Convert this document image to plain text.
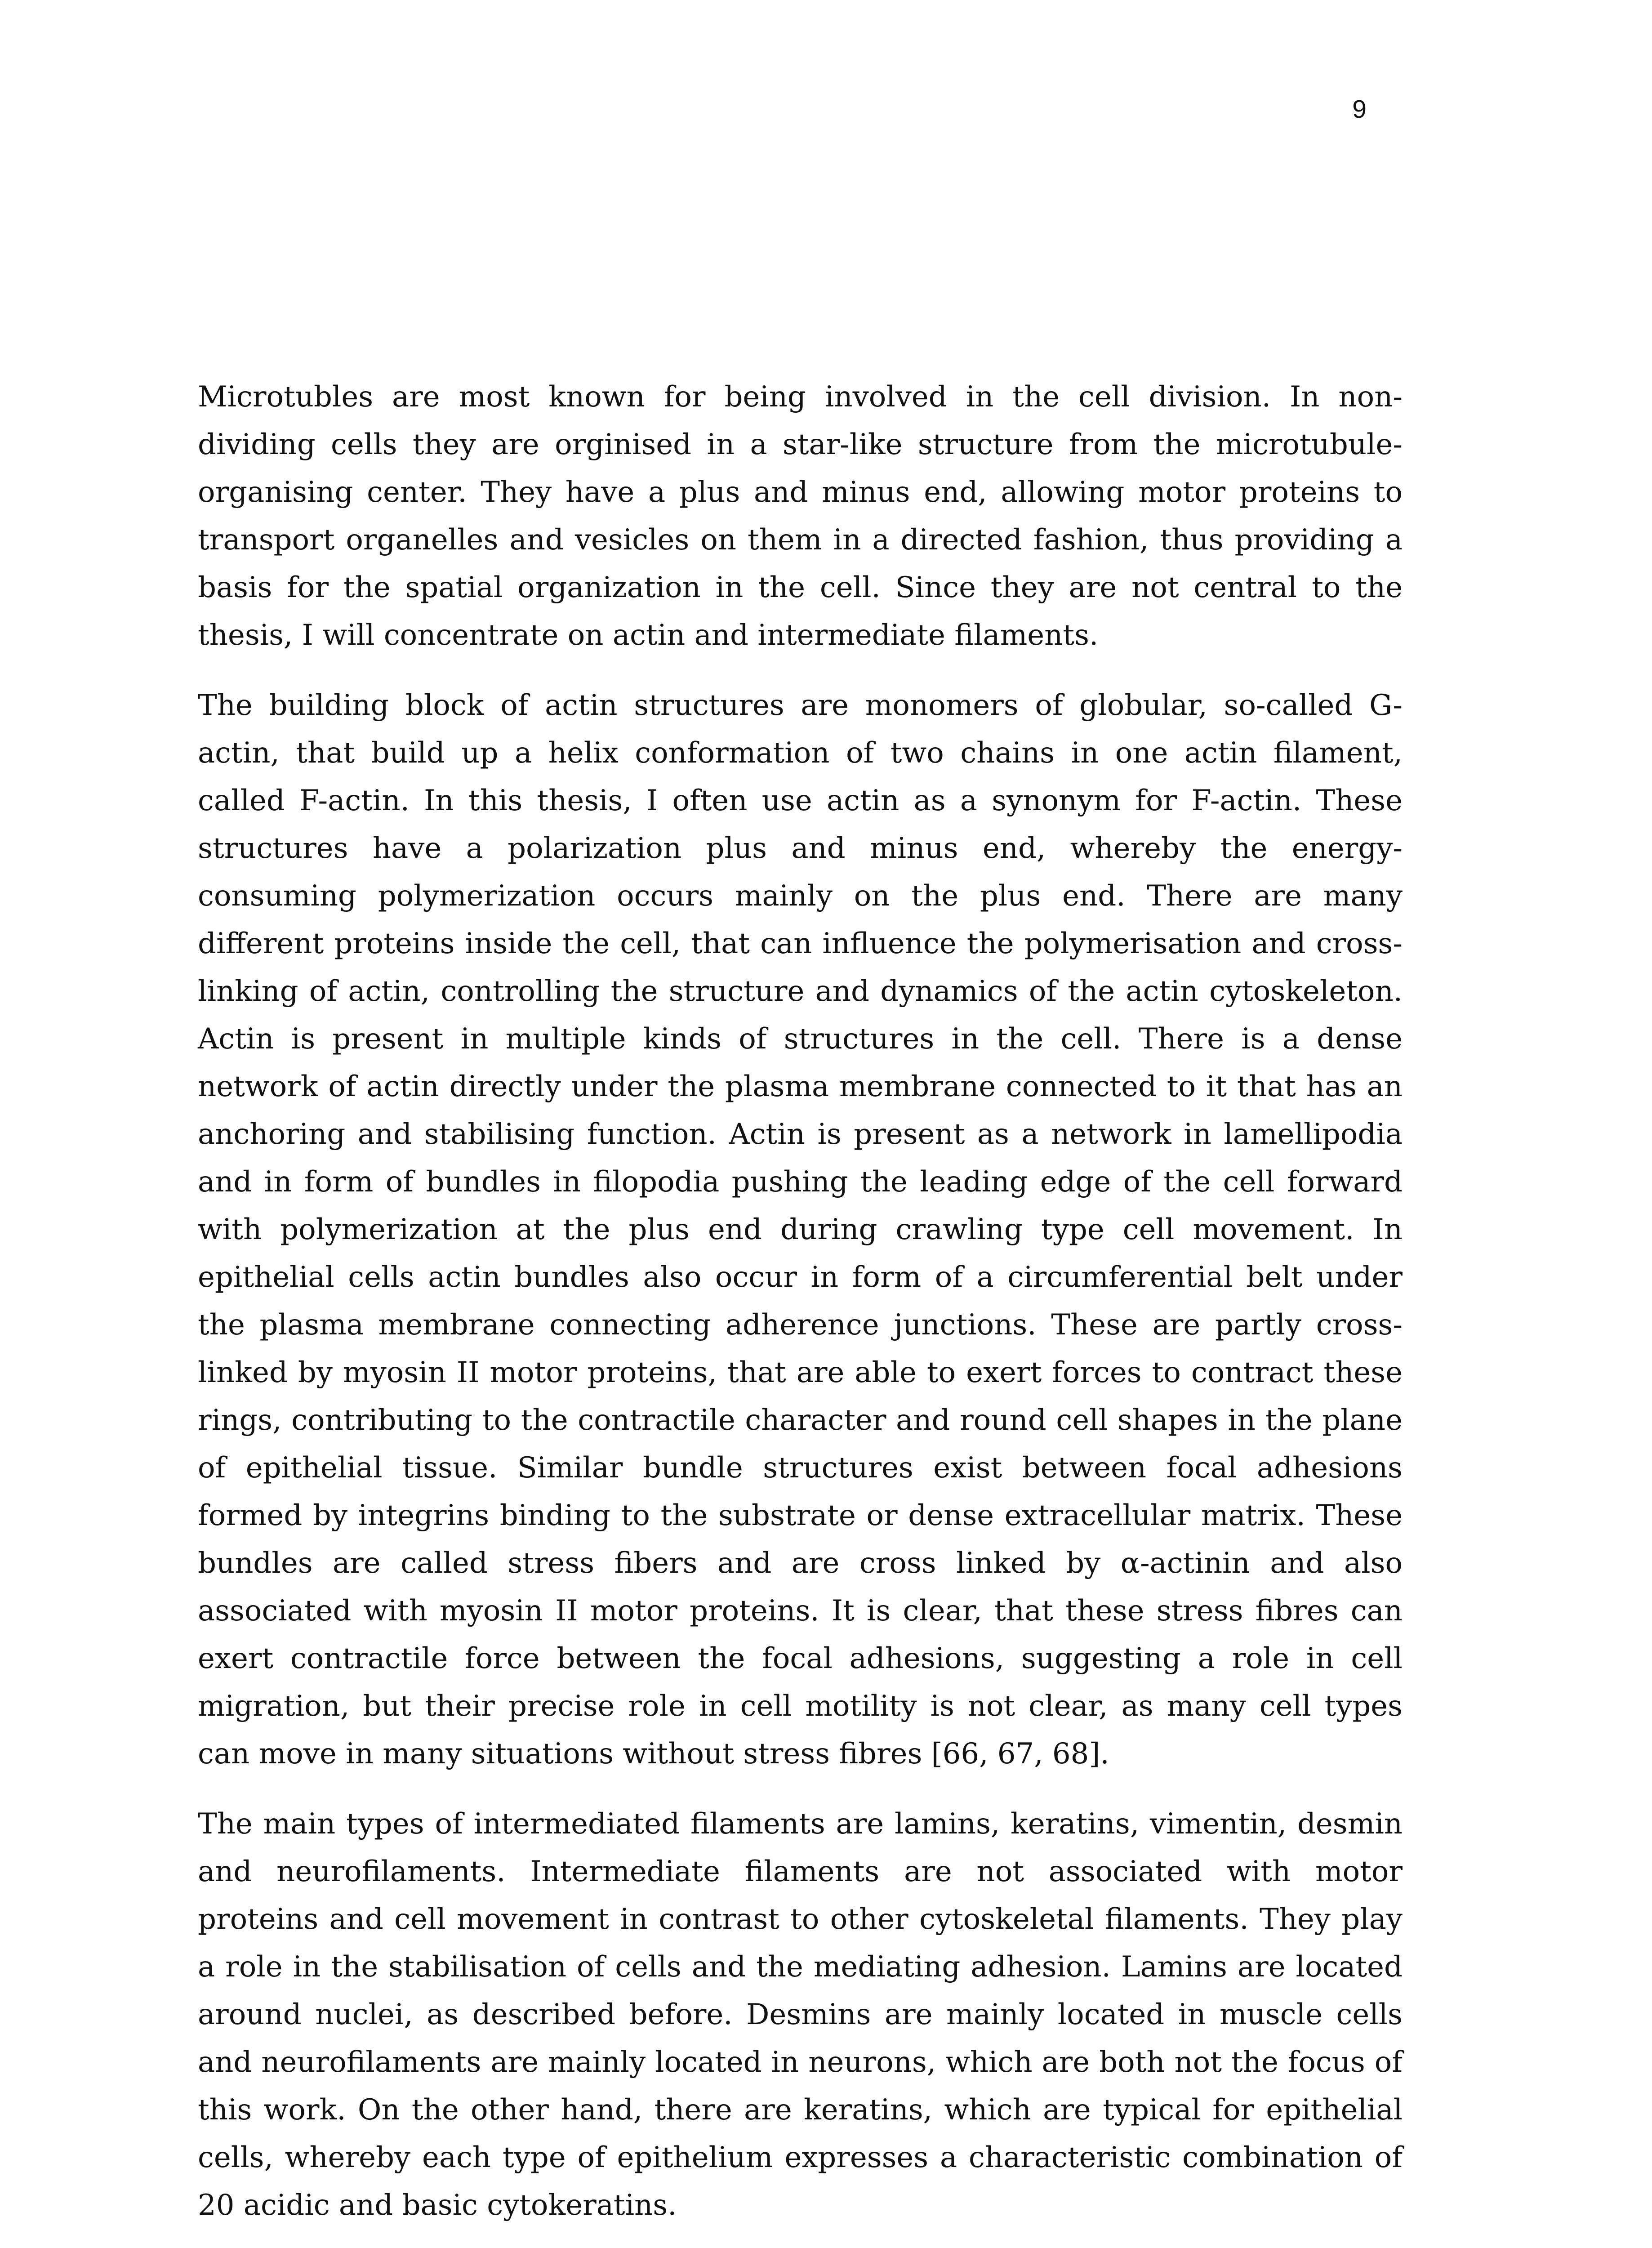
9

Microtubles are most known for being involved in the cell division. In non-dividing cells they are orginised in a star-like structure from the microtubule-organising center. They have a plus and minus end, allowing motor proteins to transport organelles and vesicles on them in a directed fashion, thus providing a basis for the spatial organization in the cell. Since they are not central to the thesis, I will concentrate on actin and intermediate filaments.

The building block of actin structures are monomers of globular, so-called G-actin, that build up a helix conformation of two chains in one actin filament, called F-actin. In this thesis, I often use actin as a synonym for F-actin. These structures have a polarization plus and minus end, whereby the energy-consuming polymerization occurs mainly on the plus end. There are many different proteins inside the cell, that can influence the polymerisation and cross-linking of actin, controlling the structure and dynamics of the actin cytoskeleton. Actin is present in multiple kinds of structures in the cell. There is a dense network of actin directly under the plasma membrane connected to it that has an anchoring and stabilising function. Actin is present as a network in lamellipodia and in form of bundles in filopodia pushing the leading edge of the cell forward with polymerization at the plus end during crawling type cell movement. In epithelial cells actin bundles also occur in form of a circumferential belt under the plasma membrane connecting adherence junctions. These are partly cross-linked by myosin II motor proteins, that are able to exert forces to contract these rings, contributing to the contractile character and round cell shapes in the plane of epithelial tissue. Similar bundle structures exist between focal adhesions formed by integrins binding to the substrate or dense extracellular matrix. These bundles are called stress fibers and are cross linked by α-actinin and also associated with myosin II motor proteins. It is clear, that these stress fibres can exert contractile force between the focal adhesions, suggesting a role in cell migration, but their precise role in cell motility is not clear, as many cell types can move in many situations without stress fibres [66, 67, 68].

The main types of intermediated filaments are lamins, keratins, vimentin, desmin and neurofilaments. Intermediate filaments are not associated with motor proteins and cell movement in contrast to other cytoskeletal filaments. They play a role in the stabilisation of cells and the mediating adhesion. Lamins are located around nuclei, as described before. Desmins are mainly located in muscle cells and neurofilaments are mainly located in neurons, which are both not the focus of this work. On the other hand, there are keratins, which are typical for epithelial cells, whereby each type of epithelium expresses a characteristic combination of 20 acidic and basic cytokeratins.
